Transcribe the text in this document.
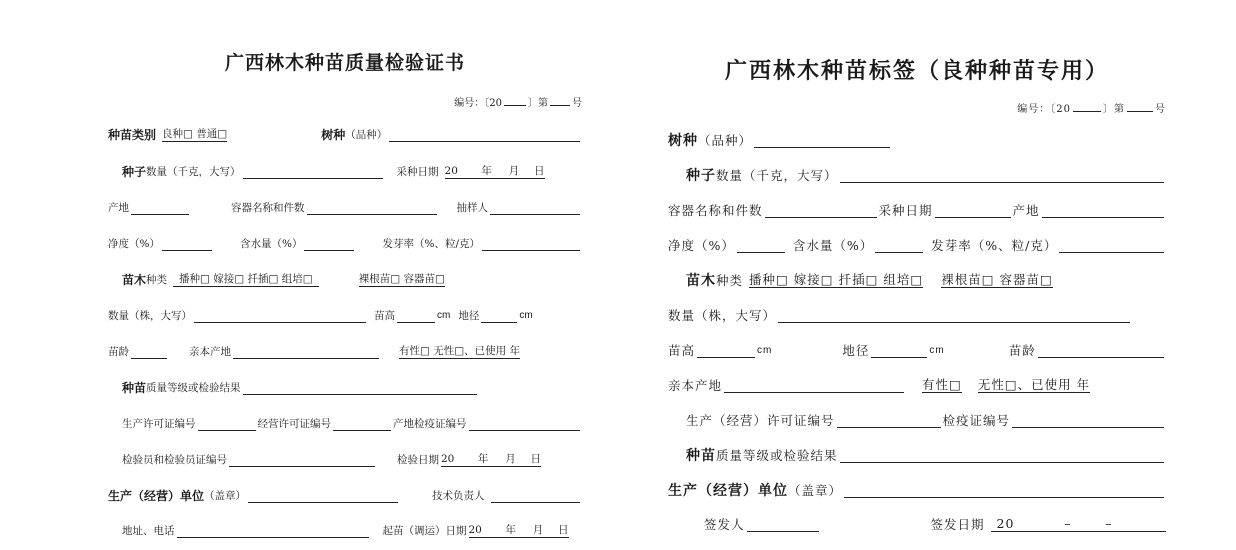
广西林木种苗质量检验证书
编号：〔20	〕第 号
种苗类别 良种□ 普通□	树种 （品种）
种子 数量（千克，大写）	采种日期 20 年 月 日
产地	容器名称和件数	抽样人
净度（%）	含水量（%）	发芽率（%、粒/克）
苗木 种类	播种□ 嫁接□ 扦插□ 组培□	裸根苗□ 容器苗□
数量（株，大写）	苗高	cm 地径	cm
苗龄	亲本产地	有性□ 无性□、已使用 年
种苗 质量等级或检验结果
生产许可证编号	经营许可证编号	产地检疫证编号
检验员和检验员证编号	检验日期 20 年 月 日
生产（经营）单位 （盖章）	技术负责人
地址、电话	起苗（调运）日期 20 年 月 日
广西林木种苗标签（良种种苗专用）
编号：〔20	〕第	号
树种 （品种）
种子 数量（千克，大写）
容器名称和件数	采种日期	产地
净度（%）	含水量（%）	发芽率（%、粒/克）
苗木 种类 播种□ 嫁接□ 扦插□ 组培□ 裸根苗□ 容器苗□
数量（株，大写）
苗高	cm	地径	cm	苗龄
亲本产地	有性□ 无性□、已使用 年
生产（经营）许可证编号	检疫证编号
种苗 质量等级或检验结果
生产（经营）单位 （盖章）
签发人	签发日期 20	–	–
